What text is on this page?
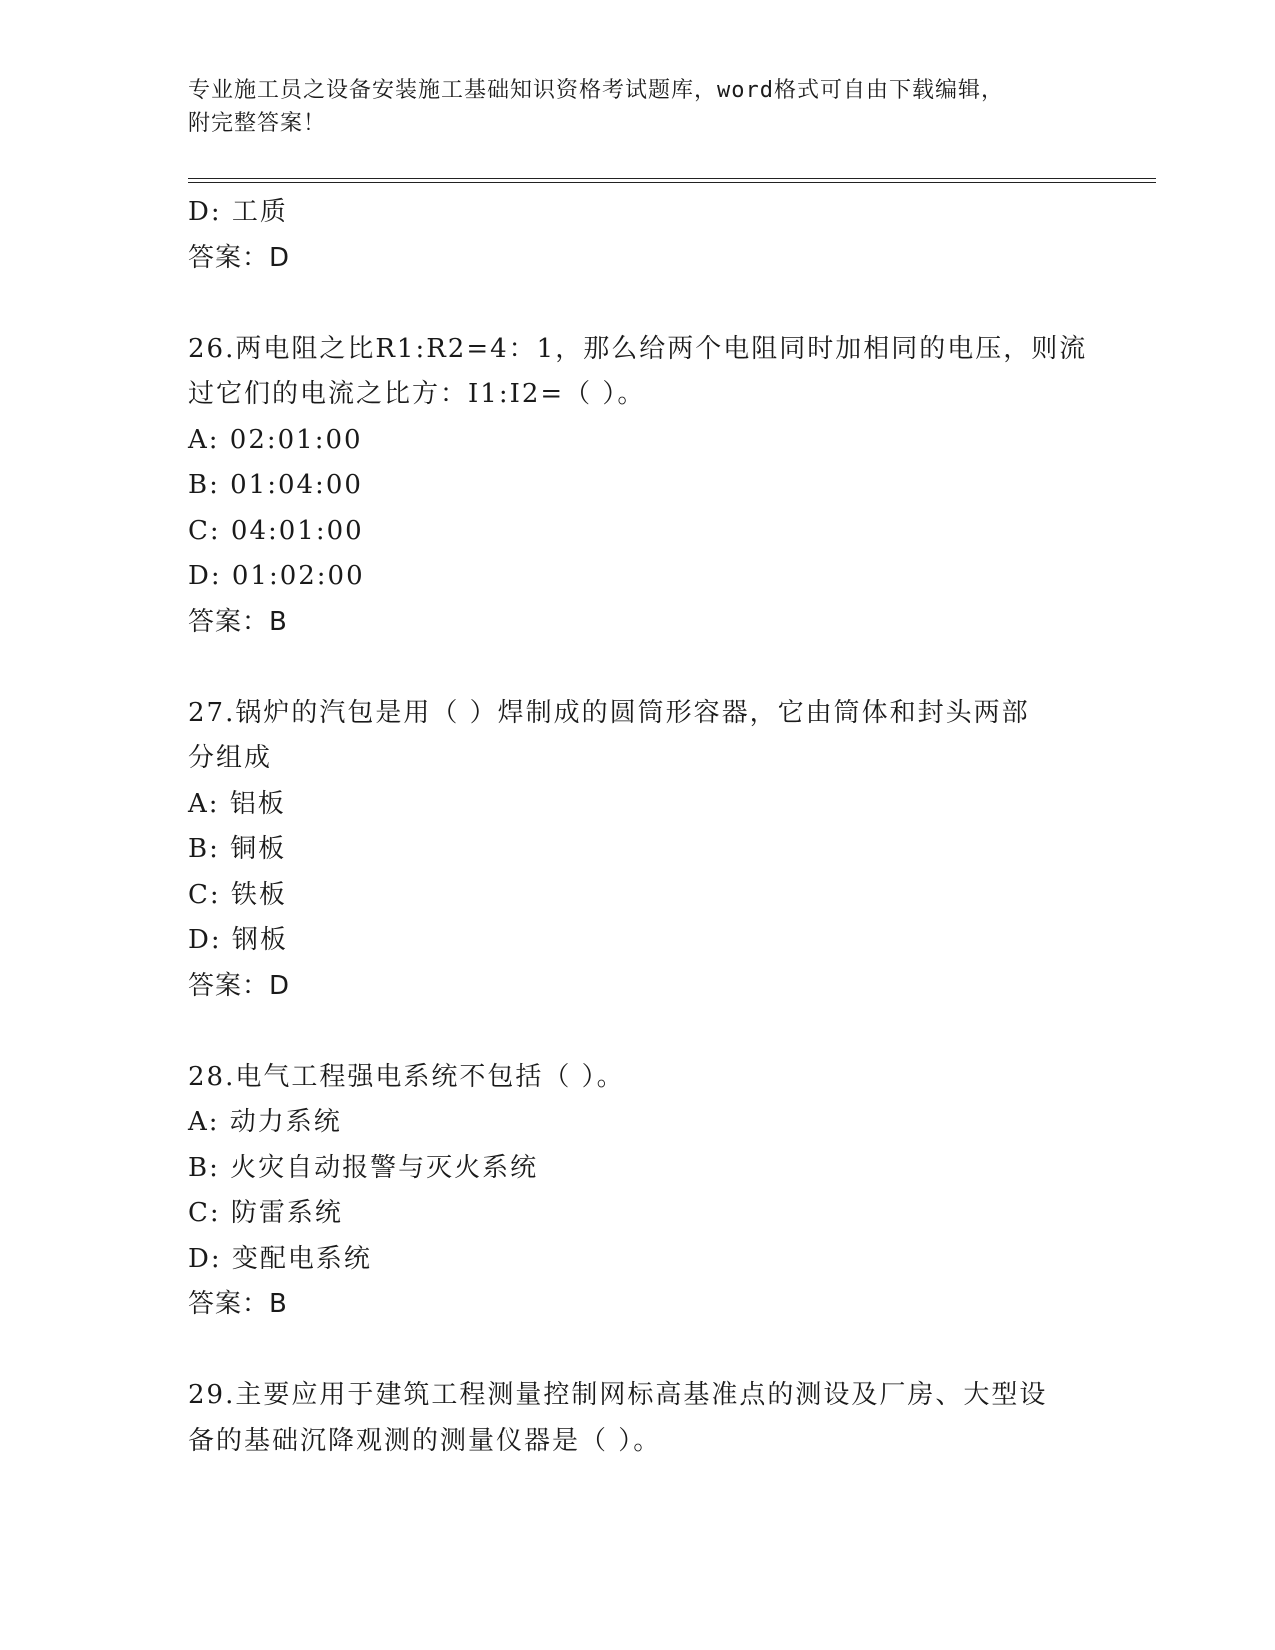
专业施工员之设备安装施工基础知识资格考试题库，word格式可自由下载编辑，
附完整答案！
D: 工质
答案：D
26.两电阻之比R1:R2=4：1，那么给两个电阻同时加相同的电压，则流
过它们的电流之比方：I1:I2=（ ）。
A: 02:01:00
B: 01:04:00
C: 04:01:00
D: 01:02:00
答案：B
27.锅炉的汽包是用（ ）焊制成的圆筒形容器，它由筒体和封头两部
分组成
A: 铝板
B: 铜板
C: 铁板
D: 钢板
答案：D
28.电气工程强电系统不包括（ ）。
A: 动力系统
B: 火灾自动报警与灭火系统
C: 防雷系统
D: 变配电系统
答案：B
29.主要应用于建筑工程测量控制网标高基准点的测设及厂房、大型设
备的基础沉降观测的测量仪器是（ ）。
